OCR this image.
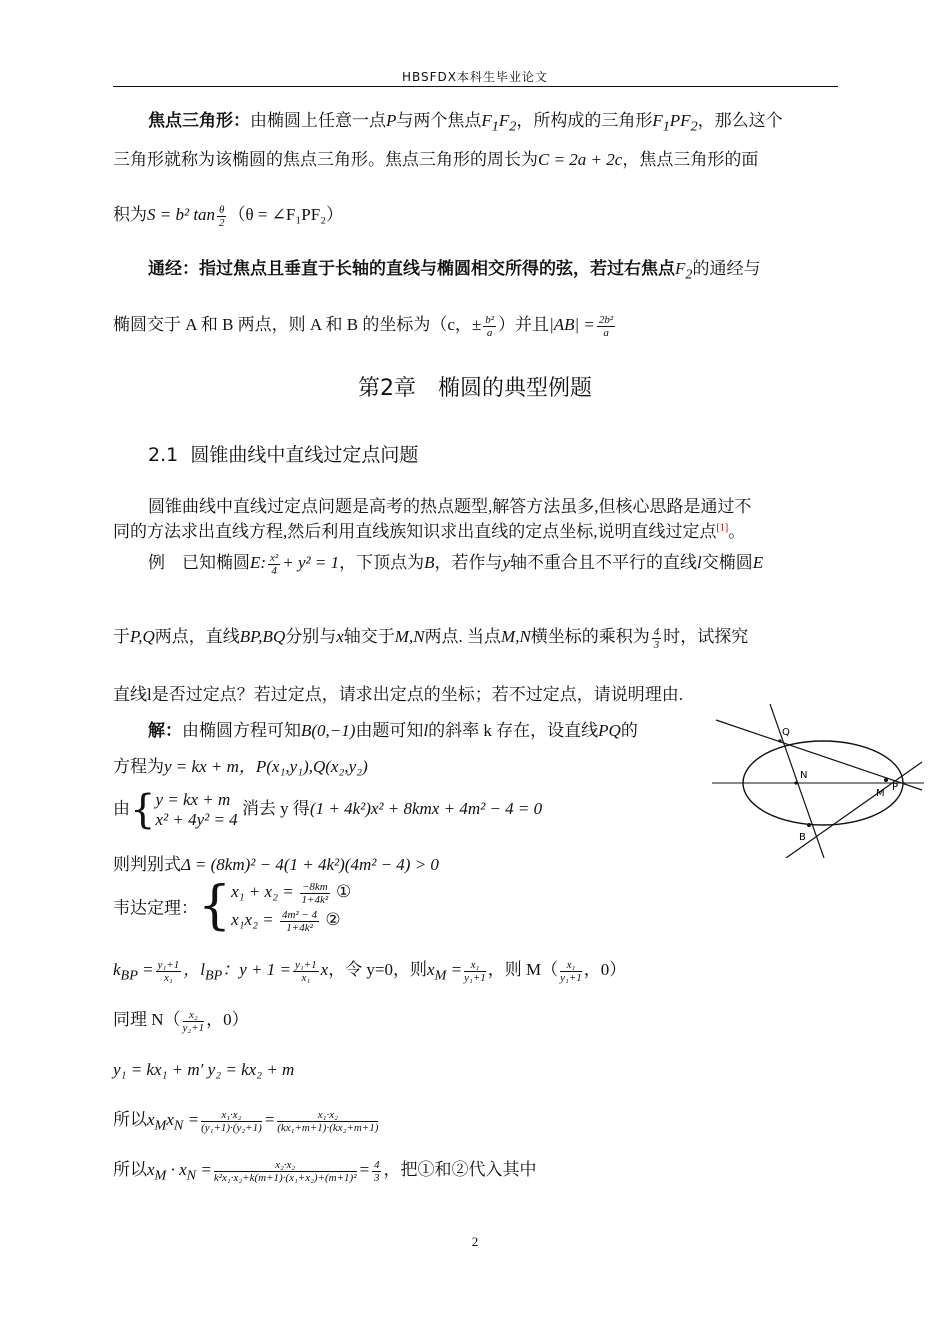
HBSFDX本科生毕业论文
焦点三角形：由椭圆上任意一点P与两个焦点$F_1F_2$，所构成的三角形$F_1PF_2$，那么这个
三角形就称为该椭圆的焦点三角形。焦点三角形的周长为C = 2a + 2c，焦点三角形的面
积为S = b² $\tan \frac{\theta}{2} (\theta$ = ∠F₁PF₂）
通经：指过焦点且垂直于长轴的直线与椭圆相交所得的弦，若过右焦点$F_2$的通经与
椭圆交于 A 和 B 两点，则 A 和 B 的坐标为（c，± $\frac{\text{b²}}{a}$ ）并且$|AB| = \frac{\text{2b²}}{a}$
第2章　椭圆的典型例题
2.1 圆锥曲线中直线过定点问题
圆锥曲线中直线过定点问题是高考的热点题型,解答方法虽多,但核心思路是通过不
同的方法求出直线方程,然后利用直线族知识求出直线的定点坐标,说明直线过定点[1]。
例　已知椭圆E: $\frac{\text{x²}}{4} + y^2 = 1$，下顶点为B，若作与y轴不重合且不平行的直线l交椭圆E
于P,Q两点，直线BP,BQ分别与x轴交于M,N两点. 当点M,N横坐标的乘积为 $\frac{4}{3}$ 时，试探究
直线l是否过定点？若过定点，请求出定点的坐标；若不过定点，请说明理由.
解：由椭圆方程可知B(0,−1)由题可知l的斜率 k 存在，设直线PQ的
方程为y = kx + m，P(x₁,y₁),Q(x₂,y₂)
由{ y = kx + m
x² + 4y² = 4
消去 y 得(1 + 4k²)x² + 8kmx + 4m² − 4 = 0
则判别式Δ = (8km)² − 4(1 + 4k²)(4m² − 4) > 0
韦达定理：{ $x_1 + x_2 = \frac{-8km}{\text{1+4k²}}$ ①
$x_1x_2 = \frac{\text{4m² − 4}}{\text{1+4k²}}$ ②
$k_{BP} = \frac{\text{y₁+1}}{\text{x₁}}$ ，$l_{BP}$：$y + 1 = \frac{\text{y₁+1}}{\text{x₁}}$ x，令 y=0，则$x_M = \frac{\text{x₁}}{\text{y₁+1}}$ ，则 $M( \frac{\text{x₁}}{\text{y₁+1}}$ ，0）
同理 $N( \frac{\text{x₂}}{\text{y₂+1}}$ ，0）
y₁ = kx₁ + m′ y₂ = kx₂ + m
所以$x_Mx_N = \frac{\text{x₁·x₂}}{\text{(y₁+1)·(y₂+1)}} = \frac{\text{x₁·x₂}}{\text{(kx₁+m+1)·(kx₂+m+1)}}$
所以$x_M \cdot x_N = \frac{\text{x₂·x₂}}{\text{k²x₁·x₂+k(m+1)·(x₁+x₂)+(m+1)²}} = \frac{4}{3}$ ，把①和②代入其中
Q
N
M
P
B
2
